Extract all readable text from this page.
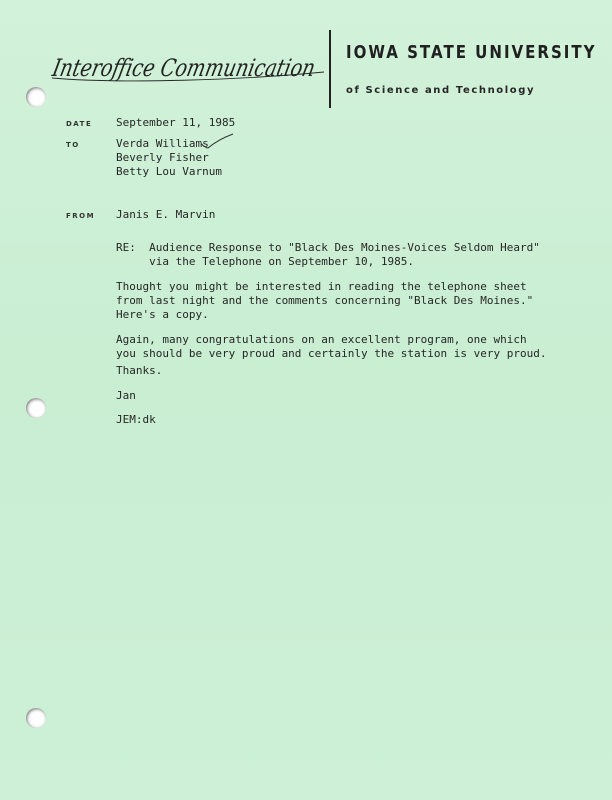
Interoffice Communication
IOWA STATE UNIVERSITY
of Science and Technology
DATE September 11, 1985
TO	Verda Williams
Beverly Fisher
Betty Lou Varnum
FROM Janis E. Marvin
RE:  Audience Response to "Black Des Moines-Voices Seldom Heard"
via the Telephone on September 10, 1985.
Thought you might be interested in reading the telephone sheet
from last night and the comments concerning "Black Des Moines."
Here's a copy.
Again, many congratulations on an excellent program, one which
you should be very proud and certainly the station is very proud.
Thanks.
Jan
JEM:dk
